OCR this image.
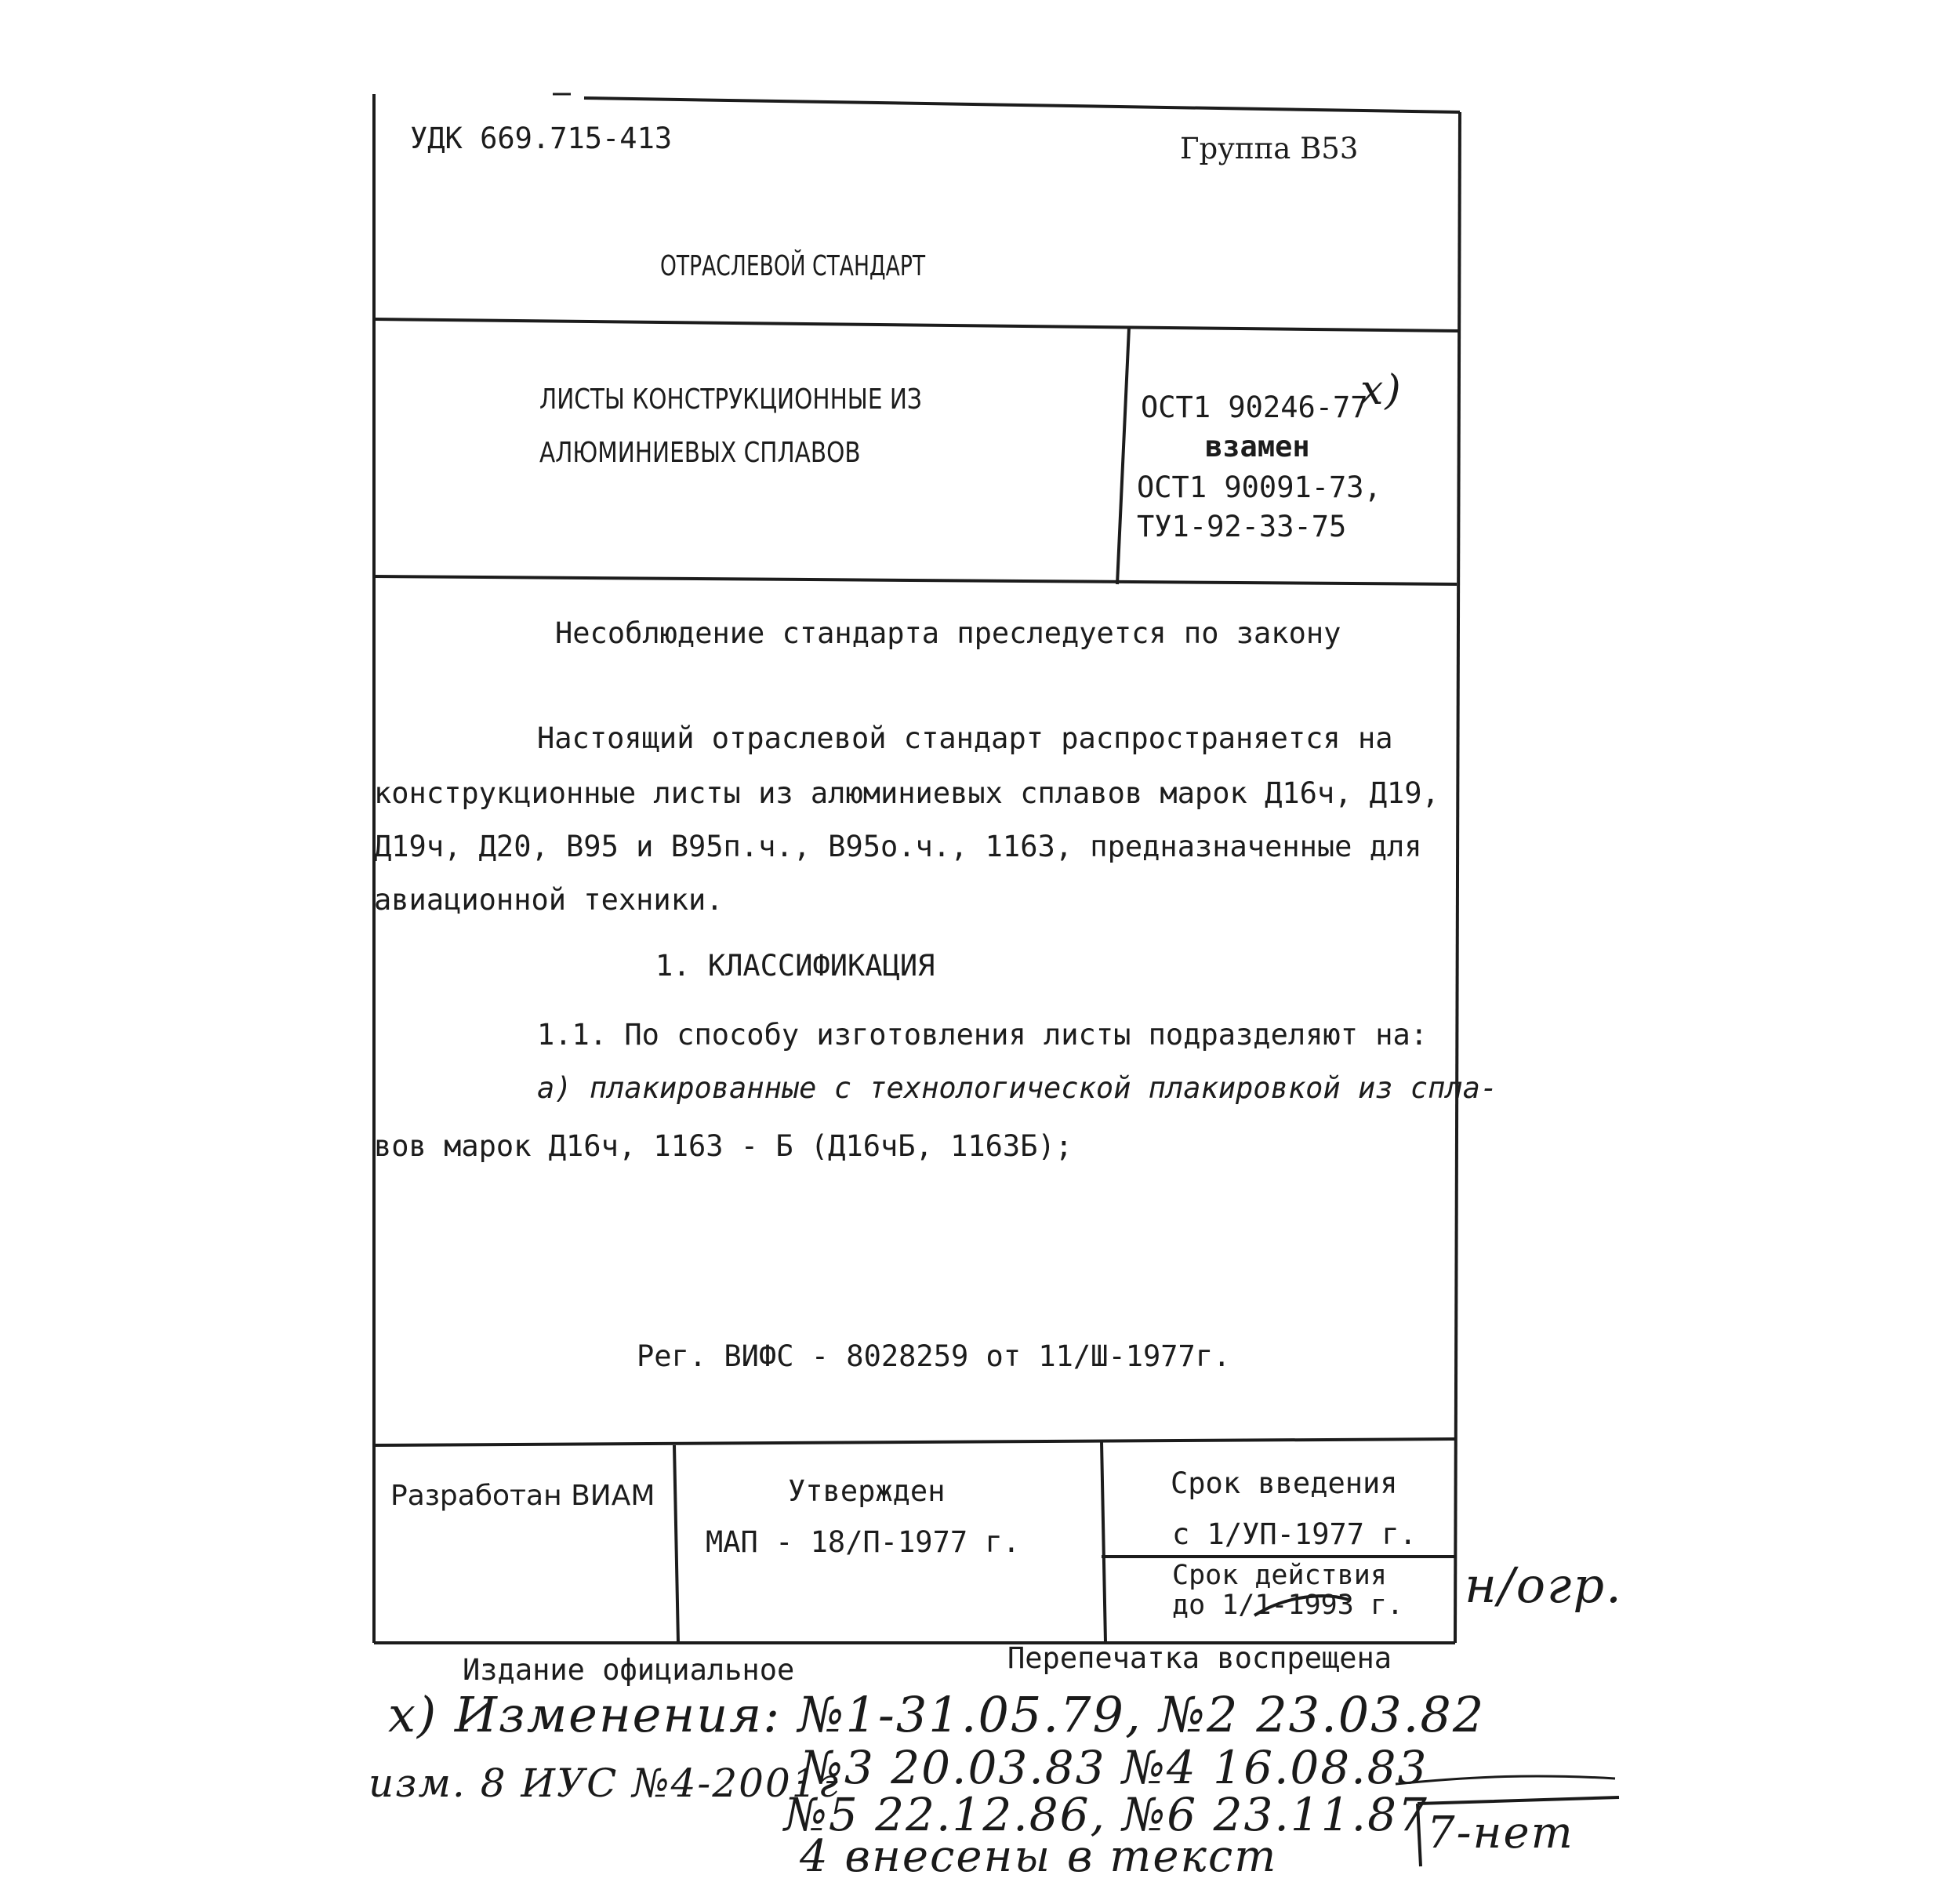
УДК 669.715-413	Группа В53
ОТРАСЛЕВОЙ СТАНДАРТ
ЛИСТЫ КОНСТРУКЦИОННЫЕ ИЗ
АЛЮМИНИЕВЫХ СПЛАВОВ
ОСТ1 90246-77
x)
взамен
ОСТ1 90091-73,
ТУ1-92-33-75
Несоблюдение стандарта преследуется по закону
Настоящий отраслевой стандарт распространяется на
конструкционные листы из алюминиевых сплавов марок Д16ч, Д19,
Д19ч, Д20, В95 и В95п.ч., В95о.ч., 1163, предназначенные для
авиационной техники.
1. КЛАССИФИКАЦИЯ
1.1. По способу изготовления листы подразделяют на:
а) плакированные с технологической плакировкой из спла-
вов марок Д16ч, 1163 - Б (Д16чБ, 1163Б);
Рег. ВИФС - 8028259 от 11/Ш-1977г.
Разработан ВИАМ	Утвержден
МАП - 18/П-1977 г.
Срок введения
с 1/УП-1977 г.
Срок действия
до 1/1-1993 г. н/огр.
Издание официальное	Перепечатка воспрещена
x) Изменения: №1-31.05.79, №2 23.03.82
изм. 8 ИУС №4-2001г
№3 20.03.83 №4 16.08.83
№5 22.12.86, №6 23.11.87
4 внесены в текст	7-нет
